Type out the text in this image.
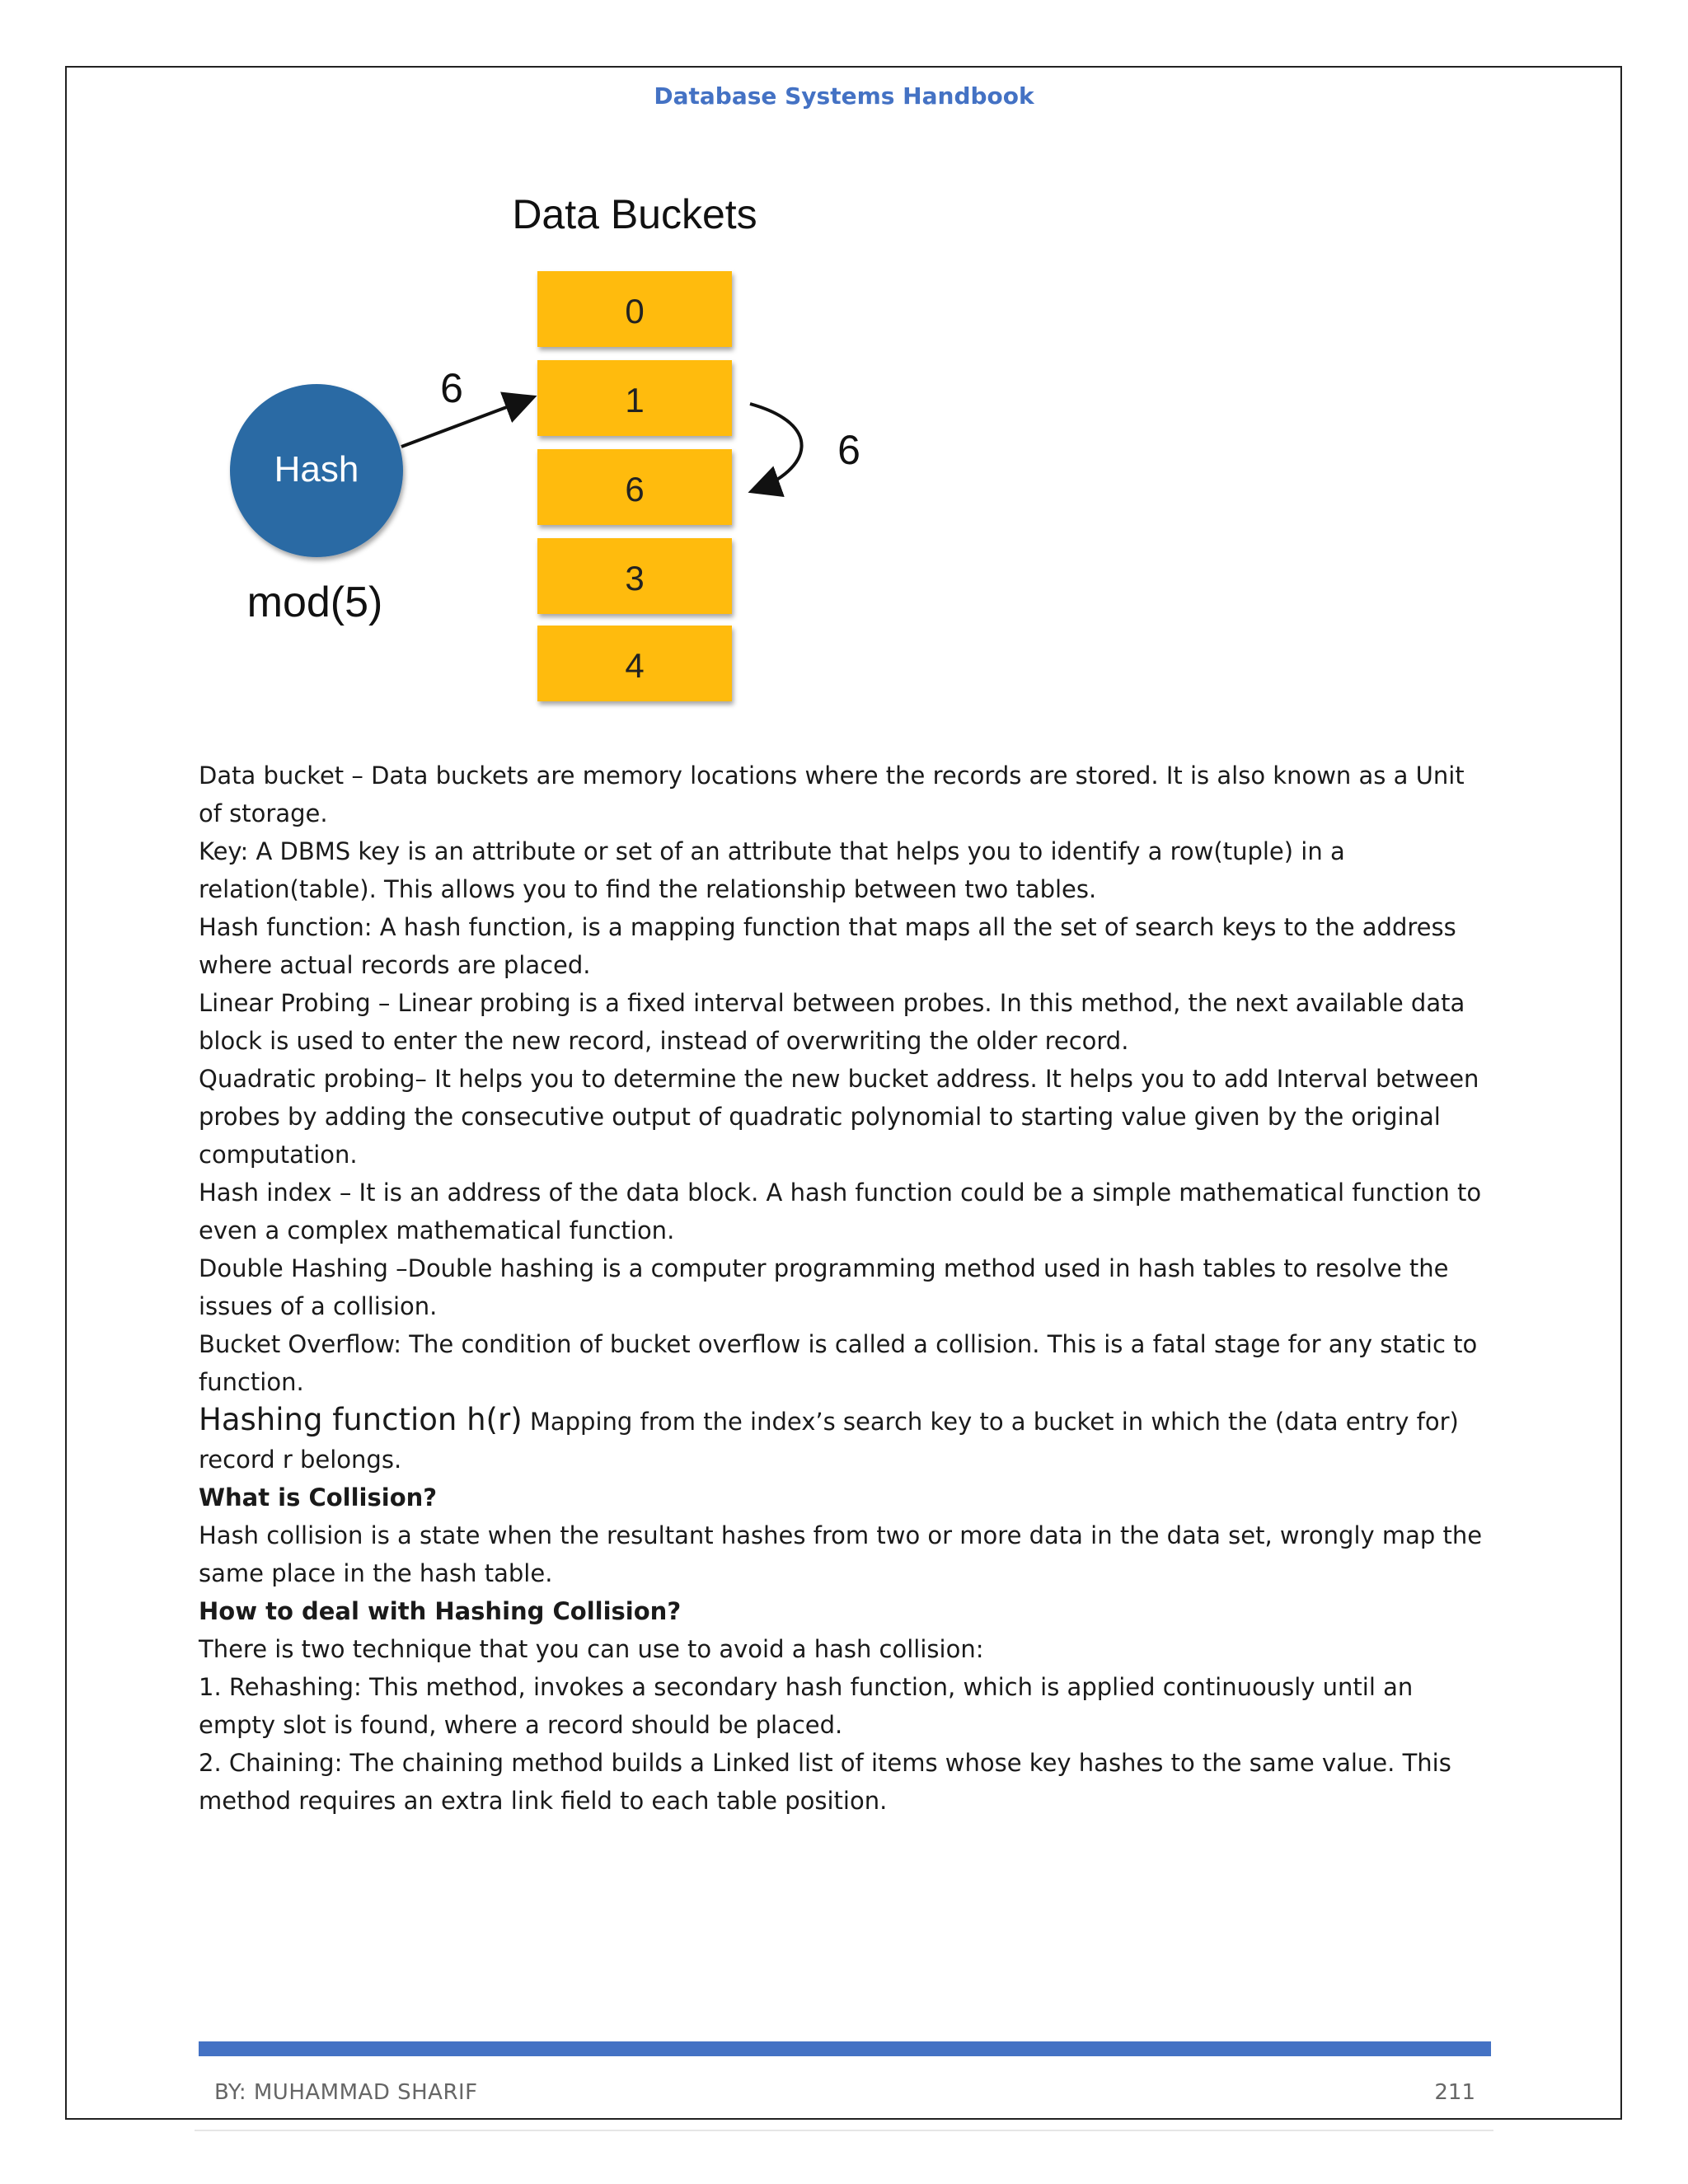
Database Systems Handbook
Data Buckets
0
1
6
3
4
Hash
mod(5)
6
6

Data bucket – Data buckets are memory locations where the records are stored. It is also known as a Unit of storage.

Key: A DBMS key is an attribute or set of an attribute that helps you to identify a row(tuple) in a relation(table). This allows you to find the relationship between two tables.

Hash function: A hash function, is a mapping function that maps all the set of search keys to the address where actual records are placed.

Linear Probing – Linear probing is a fixed interval between probes. In this method, the next available data block is used to enter the new record, instead of overwriting the older record.

Quadratic probing– It helps you to determine the new bucket address. It helps you to add Interval between probes by adding the consecutive output of quadratic polynomial to starting value given by the original computation.

Hash index – It is an address of the data block. A hash function could be a simple mathematical function to even a complex mathematical function.

Double Hashing –Double hashing is a computer programming method used in hash tables to resolve the issues of a collision.

Bucket Overflow: The condition of bucket overflow is called a collision. This is a fatal stage for any static to function.

Hashing function h(r) Mapping from the index’s search key to a bucket in which the (data entry for) record r belongs.

What is Collision?

Hash collision is a state when the resultant hashes from two or more data in the data set, wrongly map the same place in the hash table.

How to deal with Hashing Collision?

There is two technique that you can use to avoid a hash collision:

1. Rehashing: This method, invokes a secondary hash function, which is applied continuously until an empty slot is found, where a record should be placed.

2. Chaining: The chaining method builds a Linked list of items whose key hashes to the same value. This method requires an extra link field to each table position.

BY: MUHAMMAD SHARIF	211
